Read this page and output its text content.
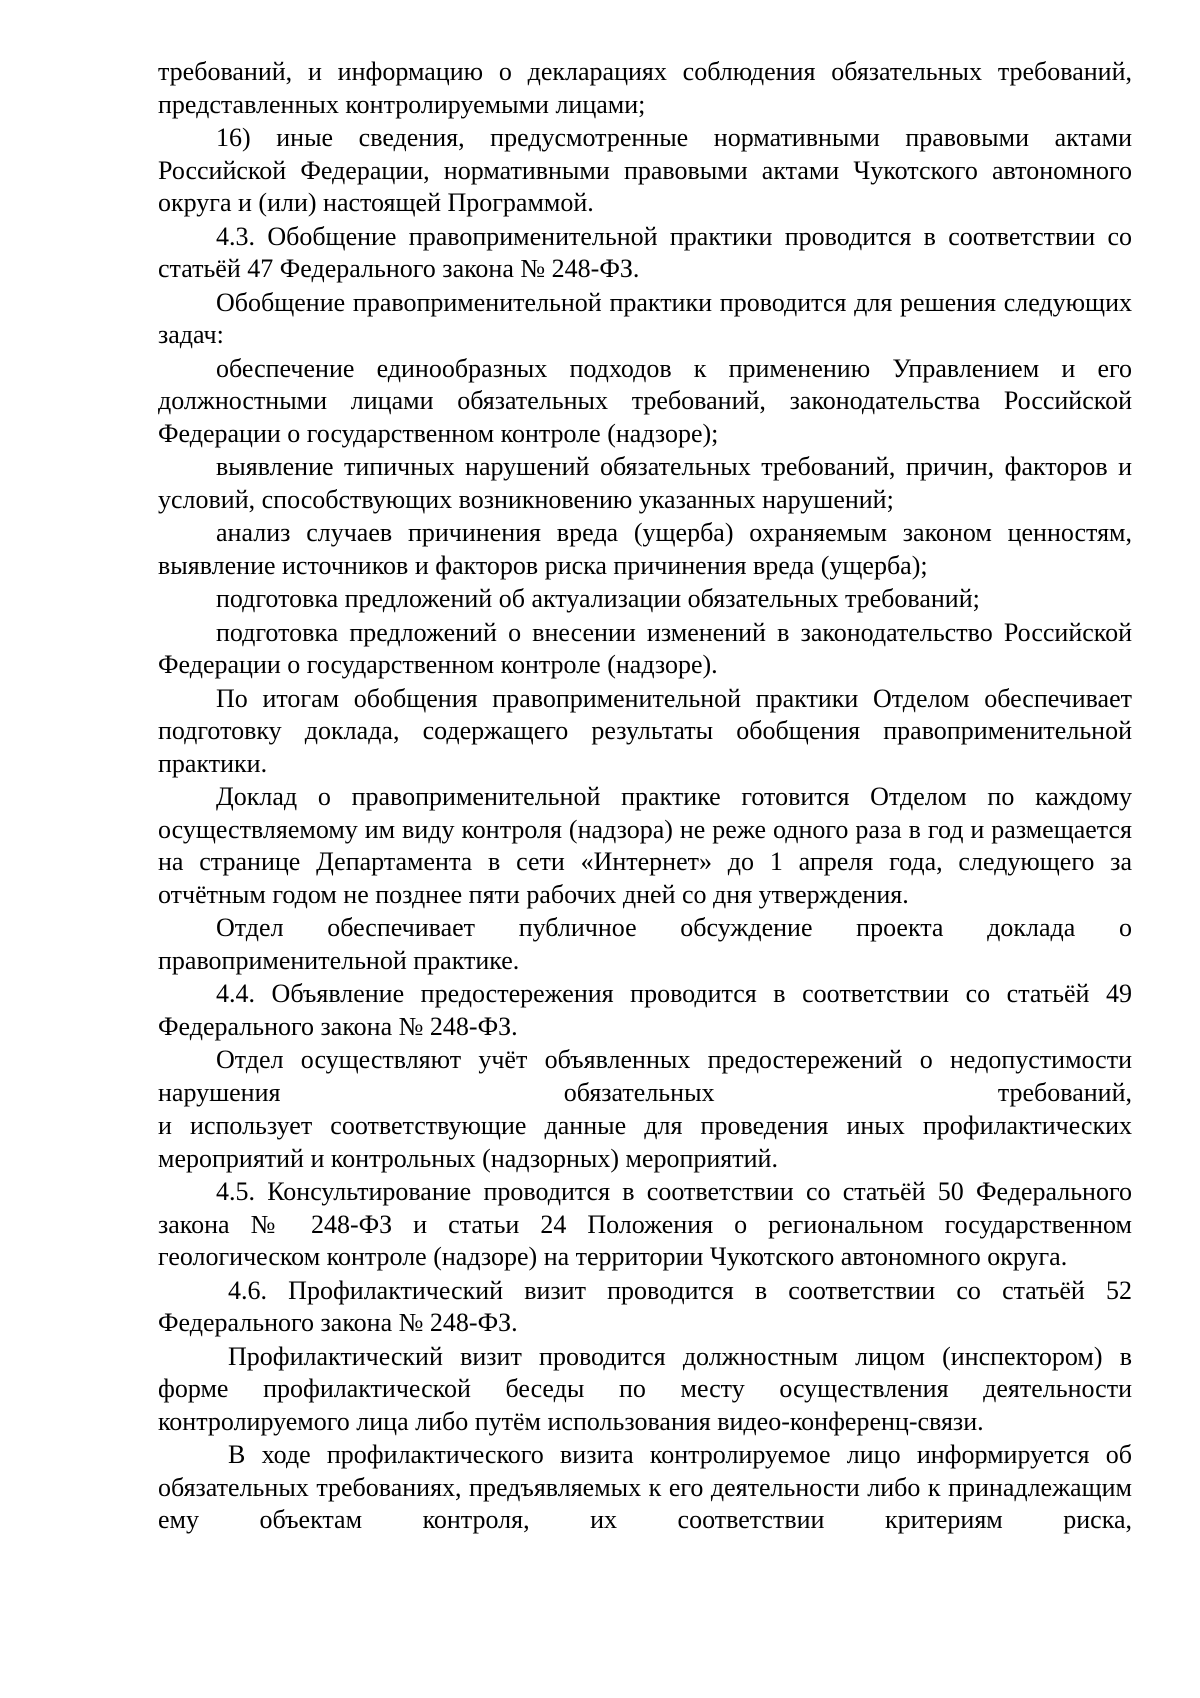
требований, и информацию о декларациях соблюдения обязательных требований, представленных контролируемыми лицами;

16) иные сведения, предусмотренные нормативными правовыми актами Российской Федерации, нормативными правовыми актами Чукотского автономного округа и (или) настоящей Программой.

4.3. Обобщение правоприменительной практики проводится в соответствии со статьёй 47 Федерального закона № 248-ФЗ.

Обобщение правоприменительной практики проводится для решения следующих задач:

обеспечение единообразных подходов к применению Управлением и его должностными лицами обязательных требований, законодательства Российской Федерации о государственном контроле (надзоре);

выявление типичных нарушений обязательных требований, причин, факторов и условий, способствующих возникновению указанных нарушений;

анализ случаев причинения вреда (ущерба) охраняемым законом ценностям, выявление источников и факторов риска причинения вреда (ущерба);

подготовка предложений об актуализации обязательных требований;

подготовка предложений о внесении изменений в законодательство Российской Федерации о государственном контроле (надзоре).

По итогам обобщения правоприменительной практики Отделом обеспечивает подготовку доклада, содержащего результаты обобщения правоприменительной практики.

Доклад о правоприменительной практике готовится Отделом по каждому осуществляемому им виду контроля (надзора) не реже одного раза в год и размещается на странице Департамента в сети «Интернет» до 1 апреля года, следующего за отчётным годом не позднее пяти рабочих дней со дня утверждения.

Отдел обеспечивает публичное обсуждение проекта доклада о правоприменительной практике.

4.4. Объявление предостережения проводится в соответствии со статьёй 49 Федерального закона № 248-ФЗ.

Отдел осуществляют учёт объявленных предостережений о недопустимости нарушения обязательных требований,

и использует соответствующие данные для проведения иных профилактических мероприятий и контрольных (надзорных) мероприятий.

4.5. Консультирование проводится в соответствии со статьёй 50 Федерального закона № 248-ФЗ и статьи 24 Положения о региональном государственном геологическом контроле (надзоре) на территории Чукотского автономного округа.

4.6. Профилактический визит проводится в соответствии со статьёй 52 Федерального закона № 248-ФЗ.

Профилактический визит проводится должностным лицом (инспектором) в форме профилактической беседы по месту осуществления деятельности контролируемого лица либо путём использования видео-конференц-связи.

В ходе профилактического визита контролируемое лицо информируется об обязательных требованиях, предъявляемых к его деятельности либо к принадлежащим ему объектам контроля, их соответствии критериям риска,
